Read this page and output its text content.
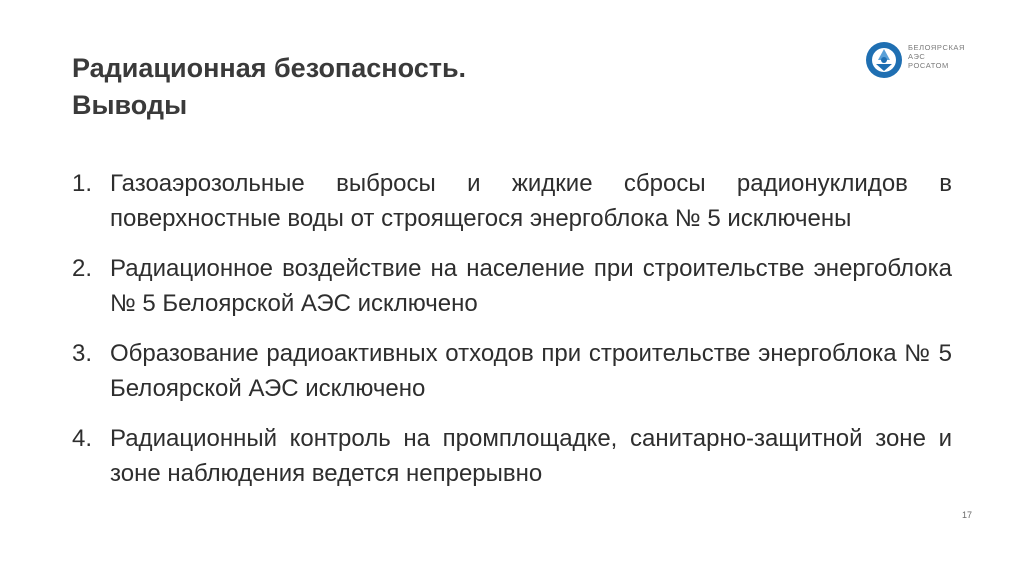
Радиационная безопасность.
Выводы
БЕЛОЯРСКАЯ
АЭС
РОСАТОМ
1. Газоаэрозольные выбросы и жидкие сбросы радионуклидов в поверхностные воды от строящегося энергоблока № 5 исключены
2. Радиационное воздействие на население при строительстве энергоблока № 5 Белоярской АЭС исключено
3. Образование радиоактивных отходов при строительстве энергоблока № 5 Белоярской АЭС исключено
4. Радиационный контроль на промплощадке, санитарно-защитной зоне и зоне наблюдения ведется непрерывно
17
